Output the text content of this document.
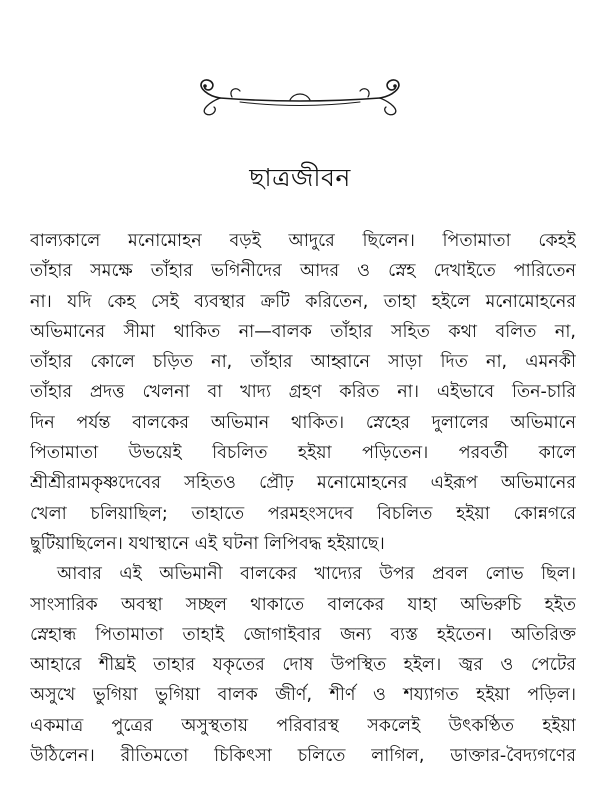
ছাত্রজীবন
বাল্যকালে মনোমোহন বড়ই আদুরে ছিলেন। পিতামাতা কেহই
তাঁহার সমক্ষে তাঁহার ভগিনীদের আদর ও স্নেহ দেখাইতে পারিতেন
না। যদি কেহ সেই ব্যবস্থার ক্রটি করিতেন, তাহা হইলে মনোমোহনের
অভিমানের সীমা থাকিত না—বালক তাঁহার সহিত কথা বলিত না,
তাঁহার কোলে চড়িত না, তাঁহার আহ্বানে সাড়া দিত না, এমনকী
তাঁহার প্রদত্ত খেলনা বা খাদ্য গ্রহণ করিত না। এইভাবে তিন-চারি
দিন পর্যন্ত বালকের অভিমান থাকিত। স্নেহের দুলালের অভিমানে
পিতামাতা উভয়েই বিচলিত হইয়া পড়িতেন। পরবর্তী কালে
শ্রীশ্রীরামকৃষ্ণদেবের সহিতও প্রৌঢ় মনোমোহনের এইরূপ অভিমানের
খেলা চলিয়াছিল; তাহাতে পরমহংসদেব বিচলিত হইয়া কোন্নগরে
ছুটিয়াছিলেন। যথাস্থানে এই ঘটনা লিপিবদ্ধ হইয়াছে।
আবার এই অভিমানী বালকের খাদ্যের উপর প্রবল লোভ ছিল।
সাংসারিক অবস্থা সচ্ছল থাকাতে বালকের যাহা অভিরুচি হইত
স্নেহান্ধ পিতামাতা তাহাই জোগাইবার জন্য ব্যস্ত হইতেন। অতিরিক্ত
আহারে শীঘ্রই তাহার যকৃতের দোষ উপস্থিত হইল। জ্বর ও পেটের
অসুখে ভুগিয়া ভুগিয়া বালক জীর্ণ, শীর্ণ ও শয্যাগত হইয়া পড়িল।
একমাত্র পুত্রের অসুস্থতায় পরিবারস্থ সকলেই উৎকণ্ঠিত হইয়া
উঠিলেন। রীতিমতো চিকিৎসা চলিতে লাগিল, ডাক্তার-বৈদ্যগণের
